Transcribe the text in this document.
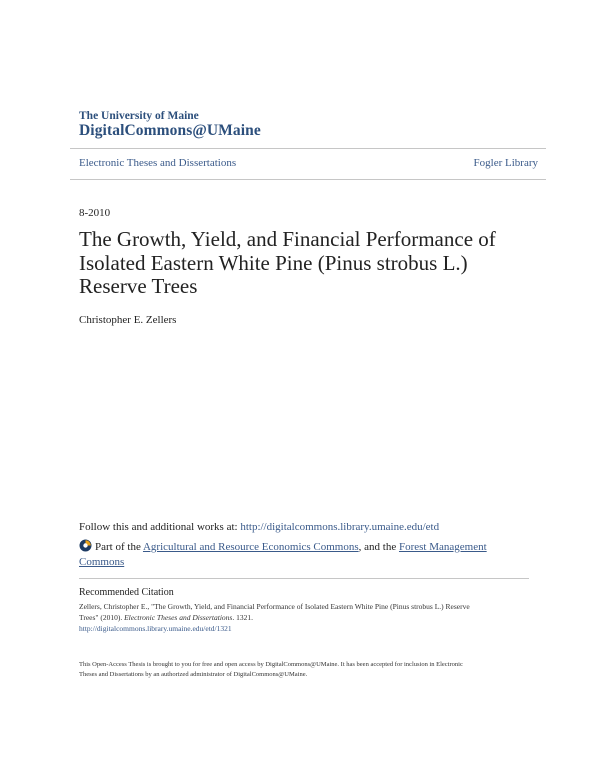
The University of Maine
DigitalCommons@UMaine
Electronic Theses and Dissertations	Fogler Library
8-2010
The Growth, Yield, and Financial Performance of
Isolated Eastern White Pine (Pinus strobus L.)
Reserve Trees
Christopher E. Zellers
Follow this and additional works at: http://digitalcommons.library.umaine.edu/etd
Part of the Agricultural and Resource Economics Commons, and the Forest Management
Commons
Recommended Citation
Zellers, Christopher E., "The Growth, Yield, and Financial Performance of Isolated Eastern White Pine (Pinus strobus L.) Reserve
Trees" (2010). Electronic Theses and Dissertations. 1321.
http://digitalcommons.library.umaine.edu/etd/1321
This Open-Access Thesis is brought to you for free and open access by DigitalCommons@UMaine. It has been accepted for inclusion in Electronic
Theses and Dissertations by an authorized administrator of DigitalCommons@UMaine.
